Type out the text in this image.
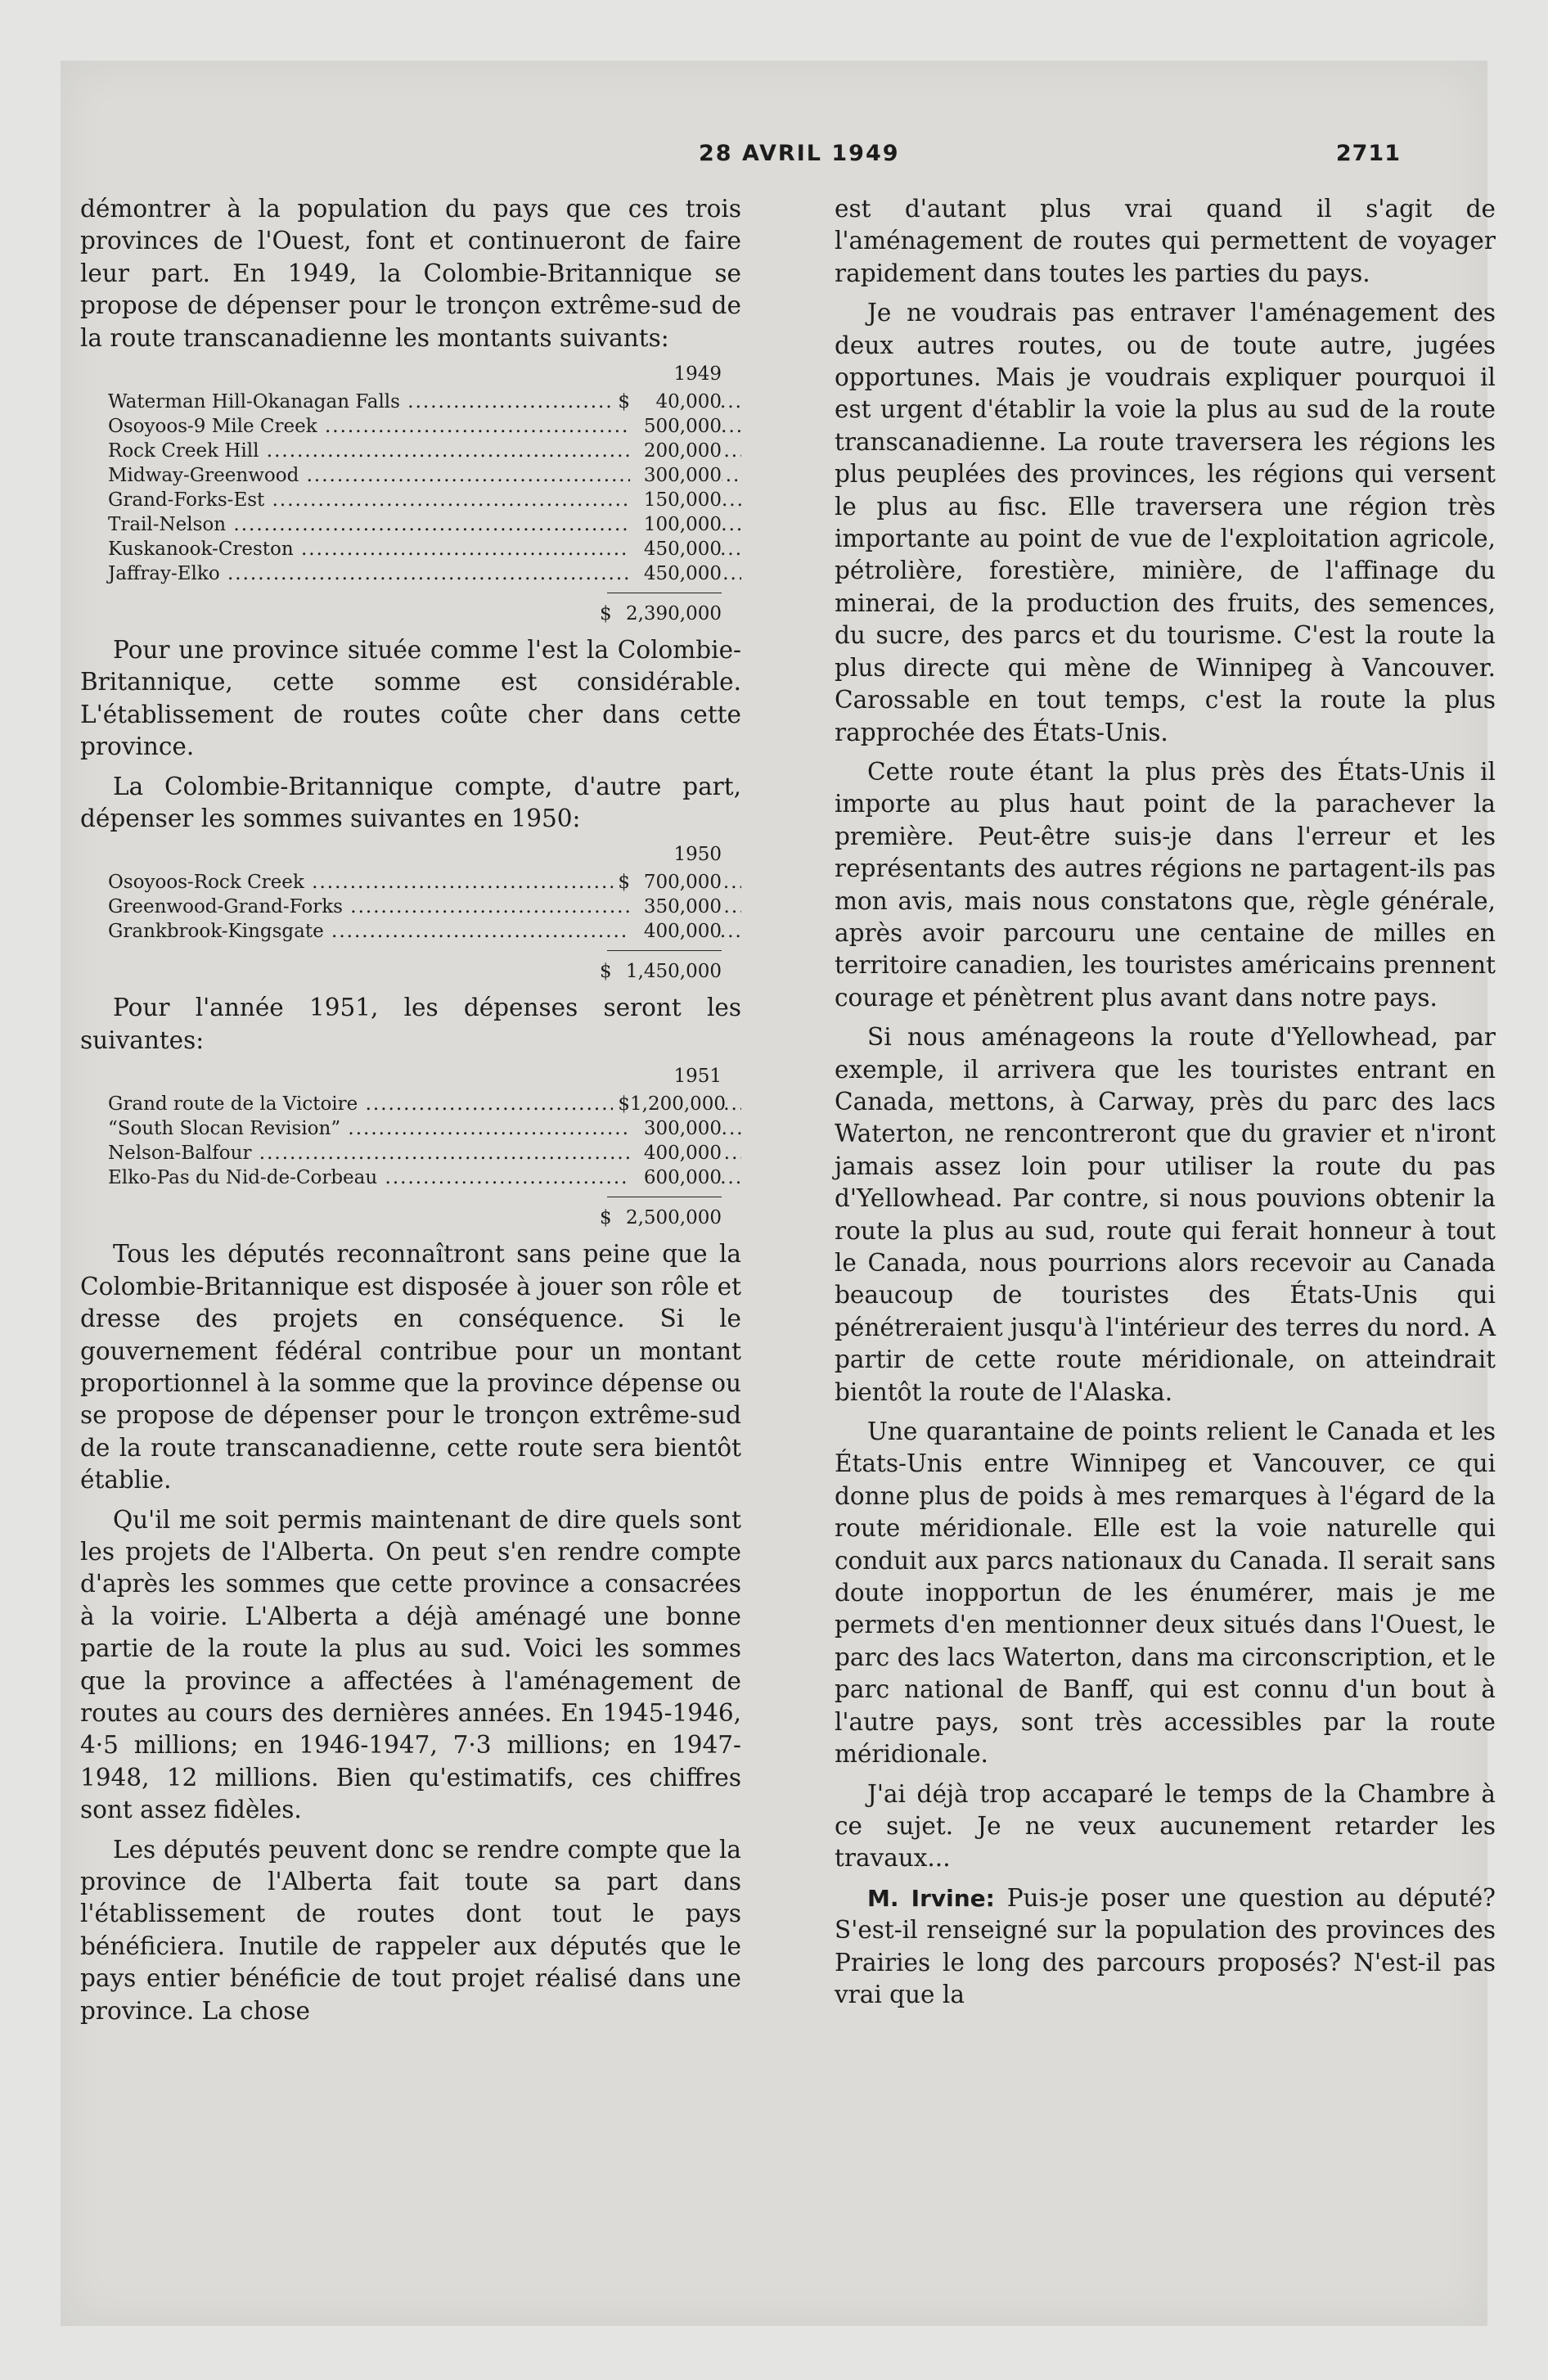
28 AVRIL 1949	2711

démontrer à la population du pays que ces trois provinces de l'Ouest, font et continueront de faire leur part. En 1949, la Colombie-Britannique se propose de dépenser pour le tronçon extrême-sud de la route transcanadienne les montants suivants:

1949
Waterman Hill-Okanagan Falls .....	$	40,000
Osoyoos-9 Mile Creek .....	500,000
Rock Creek Hill .....	200,000
Midway-Greenwood .....	300,000
Grand-Forks-Est .....	150,000
Trail-Nelson .....	100,000
Kuskanook-Creston .....	450,000
Jaffray-Elko .....	450,000
$ 2,390,000

Pour une province située comme l'est la Colombie-Britannique, cette somme est considérable. L'établissement de routes coûte cher dans cette province.

La Colombie-Britannique compte, d'autre part, dépenser les sommes suivantes en 1950:

1950
Osoyoos-Rock Creek .....	$ 700,000
Greenwood-Grand-Forks .....	350,000
Grankbrook-Kingsgate .....	400,000
$ 1,450,000

Pour l'année 1951, les dépenses seront les suivantes:

1951
Grand route de la Victoire .....	$ 1,200,000
“South Slocan Revision” .....	300,000
Nelson-Balfour .....	400,000
Elko-Pas du Nid-de-Corbeau .....	600,000
$ 2,500,000

Tous les députés reconnaîtront sans peine que la Colombie-Britannique est disposée à jouer son rôle et dresse des projets en conséquence. Si le gouvernement fédéral contribue pour un montant proportionnel à la somme que la province dépense ou se propose de dépenser pour le tronçon extrême-sud de la route transcanadienne, cette route sera bientôt établie.

Qu'il me soit permis maintenant de dire quels sont les projets de l'Alberta. On peut s'en rendre compte d'après les sommes que cette province a consacrées à la voirie. L'Alberta a déjà aménagé une bonne partie de la route la plus au sud. Voici les sommes que la province a affectées à l'aménagement de routes au cours des dernières années. En 1945-1946, 4·5 millions; en 1946-1947, 7·3 millions; en 1947-1948, 12 millions. Bien qu'estimatifs, ces chiffres sont assez fidèles.

Les députés peuvent donc se rendre compte que la province de l'Alberta fait toute sa part dans l'établissement de routes dont tout le pays bénéficiera. Inutile de rappeler aux députés que le pays entier bénéficie de tout projet réalisé dans une province. La chose

est d'autant plus vrai quand il s'agit de l'aménagement de routes qui permettent de voyager rapidement dans toutes les parties du pays.

Je ne voudrais pas entraver l'aménagement des deux autres routes, ou de toute autre, jugées opportunes. Mais je voudrais expliquer pourquoi il est urgent d'établir la voie la plus au sud de la route transcanadienne. La route traversera les régions les plus peuplées des provinces, les régions qui versent le plus au fisc. Elle traversera une région très importante au point de vue de l'exploitation agricole, pétrolière, forestière, minière, de l'affinage du minerai, de la production des fruits, des semences, du sucre, des parcs et du tourisme. C'est la route la plus directe qui mène de Winnipeg à Vancouver. Carossable en tout temps, c'est la route la plus rapprochée des États-Unis.

Cette route étant la plus près des États-Unis il importe au plus haut point de la parachever la première. Peut-être suis-je dans l'erreur et les représentants des autres régions ne partagent-ils pas mon avis, mais nous constatons que, règle générale, après avoir parcouru une centaine de milles en territoire canadien, les touristes américains prennent courage et pénètrent plus avant dans notre pays.

Si nous aménageons la route d'Yellowhead, par exemple, il arrivera que les touristes entrant en Canada, mettons, à Carway, près du parc des lacs Waterton, ne rencontreront que du gravier et n'iront jamais assez loin pour utiliser la route du pas d'Yellowhead. Par contre, si nous pouvions obtenir la route la plus au sud, route qui ferait honneur à tout le Canada, nous pourrions alors recevoir au Canada beaucoup de touristes des États-Unis qui pénétreraient jusqu'à l'intérieur des terres du nord. A partir de cette route méridionale, on atteindrait bientôt la route de l'Alaska.

Une quarantaine de points relient le Canada et les États-Unis entre Winnipeg et Vancouver, ce qui donne plus de poids à mes remarques à l'égard de la route méridionale. Elle est la voie naturelle qui conduit aux parcs nationaux du Canada. Il serait sans doute inopportun de les énumérer, mais je me permets d'en mentionner deux situés dans l'Ouest, le parc des lacs Waterton, dans ma circonscription, et le parc national de Banff, qui est connu d'un bout à l'autre pays, sont très accessibles par la route méridionale.

J'ai déjà trop accaparé le temps de la Chambre à ce sujet. Je ne veux aucunement retarder les travaux...

M. Irvine: Puis-je poser une question au député? S'est-il renseigné sur la population des provinces des Prairies le long des parcours proposés? N'est-il pas vrai que la
